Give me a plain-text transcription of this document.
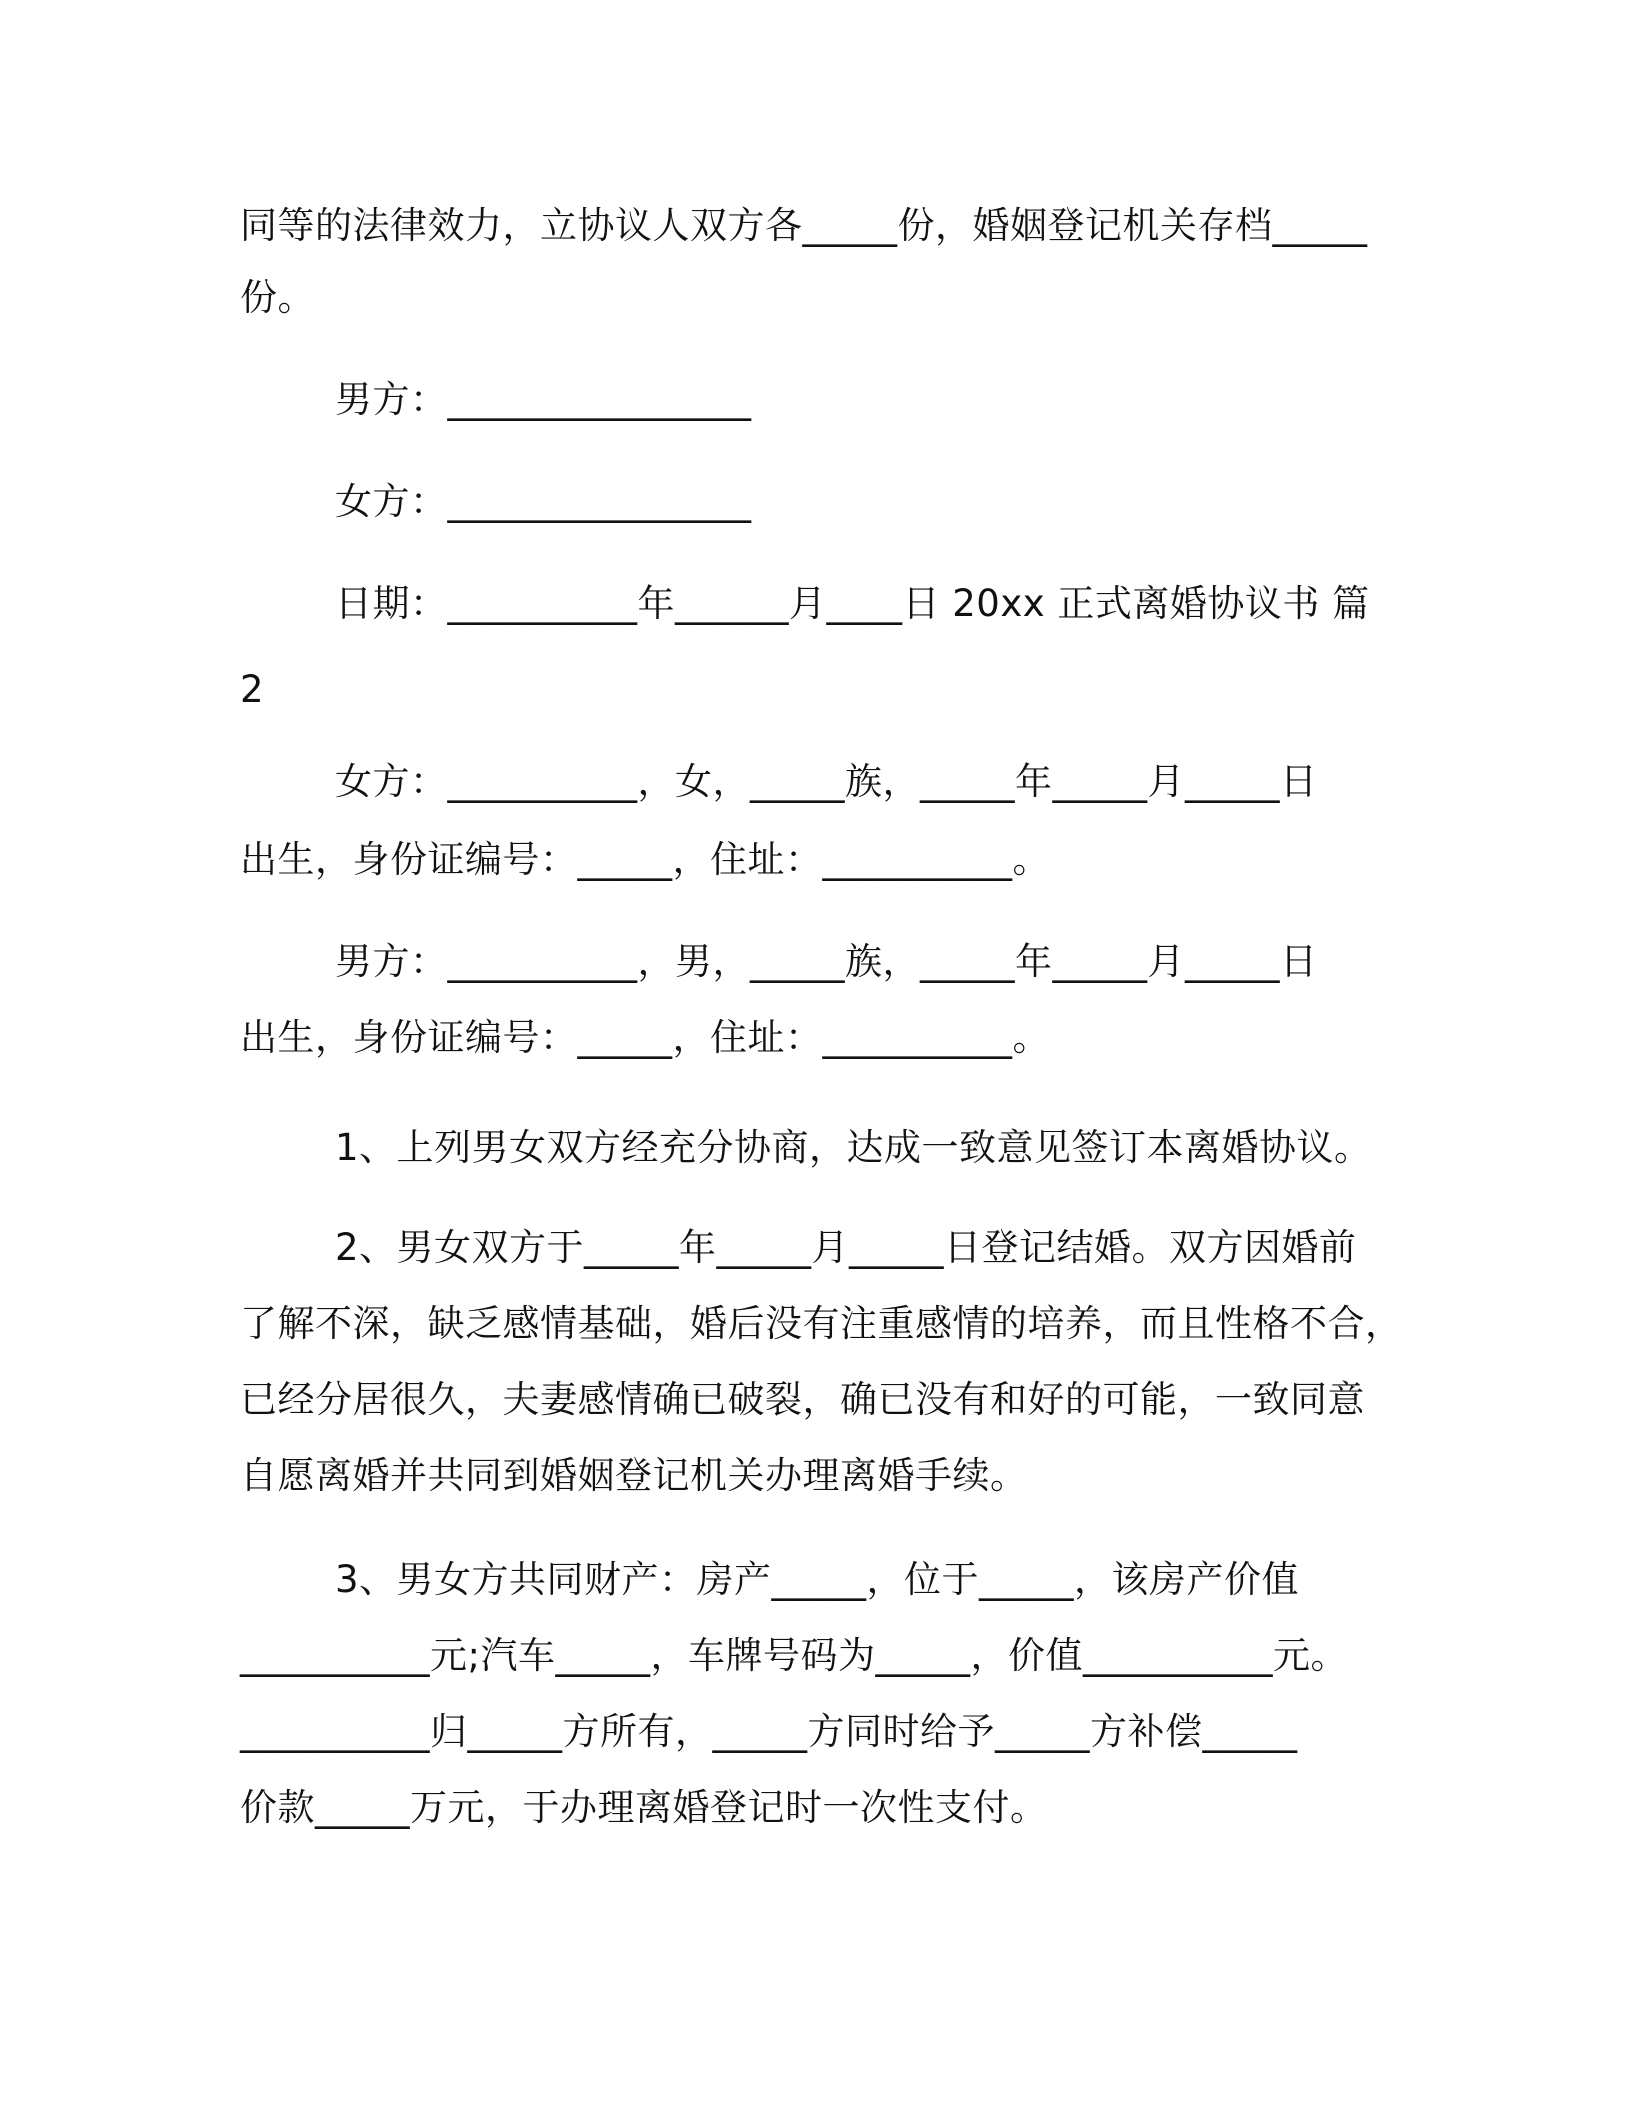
同等的法律效力，立协议人双方各_____份，婚姻登记机关存档_____
份。
男方：________________
女方：________________
日期：__________年______月____日 20xx 正式离婚协议书 篇
2
女方：__________，女，_____族，_____年_____月_____日
出生，身份证编号：_____，住址：__________。
男方：__________，男，_____族，_____年_____月_____日
出生，身份证编号：_____，住址：__________。
1、上列男女双方经充分协商，达成一致意见签订本离婚协议。
2、男女双方于_____年_____月_____日登记结婚。双方因婚前
了解不深，缺乏感情基础，婚后没有注重感情的培养，而且性格不合，
已经分居很久，夫妻感情确已破裂，确已没有和好的可能，一致同意
自愿离婚并共同到婚姻登记机关办理离婚手续。
3、男女方共同财产：房产_____，位于_____，该房产价值
__________元;汽车_____，车牌号码为_____，价值__________元。
__________归_____方所有，_____方同时给予_____方补偿_____
价款_____万元，于办理离婚登记时一次性支付。
